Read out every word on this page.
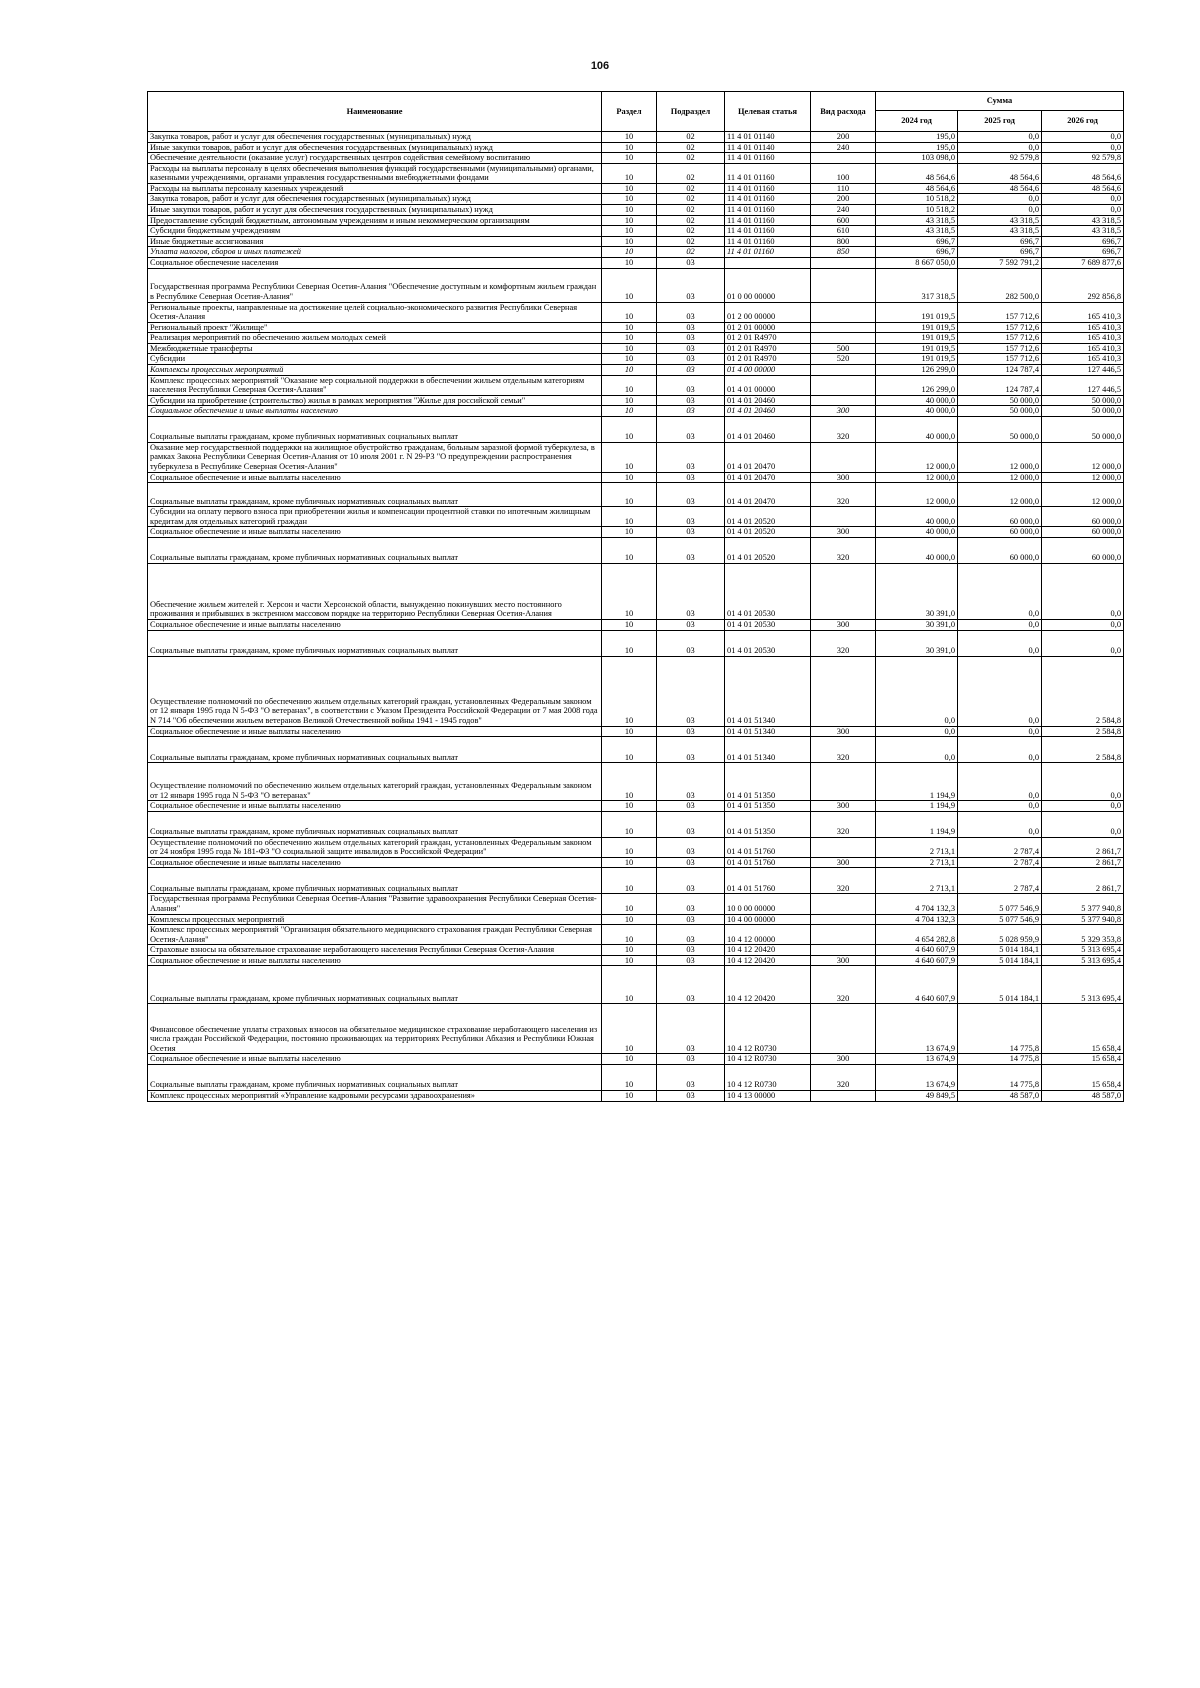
106
Наименование	Раздел	Подраздел	Целевая статья	Вид расхода	Сумма		
					2024 год	2025 год	2026 год
Закупка товаров, работ и услуг для обеспечения государственных (муниципальных) нужд	10	02	11 4 01 01140	200	195,0	0,0	0,0
Иные закупки товаров, работ и услуг для обеспечения государственных (муниципальных) нужд	10	02	11 4 01 01140	240	195,0	0,0	0,0
Обеспечение деятельности (оказание услуг) государственных центров содействия семейному воспитанию	10	02	11 4 01 01160		103 098,0	92 579,8	92 579,8
Расходы на выплаты персоналу в целях обеспечения выполнения функций государственными (муниципальными) органами, казенными учреждениями, органами управления государственными внебюджетными фондами	10	02	11 4 01 01160	100	48 564,6	48 564,6	48 564,6
Расходы на выплаты персоналу казенных учреждений	10	02	11 4 01 01160	110	48 564,6	48 564,6	48 564,6
Закупка товаров, работ и услуг для обеспечения государственных (муниципальных) нужд	10	02	11 4 01 01160	200	10 518,2	0,0	0,0
Иные закупки товаров, работ и услуг для обеспечения государственных (муниципальных) нужд	10	02	11 4 01 01160	240	10 518,2	0,0	0,0
Предоставление субсидий бюджетным, автономным учреждениям и иным некоммерческим организациям	10	02	11 4 01 01160	600	43 318,5	43 318,5	43 318,5
Субсидии бюджетным учреждениям	10	02	11 4 01 01160	610	43 318,5	43 318,5	43 318,5
Иные бюджетные ассигнования	10	02	11 4 01 01160	800	696,7	696,7	696,7
Уплата налогов, сборов и иных платежей	10	02	11 4 01 01160	850	696,7	696,7	696,7
Социальное обеспечение населения	10	03			8 667 050,0	7 592 791,2	7 689 877,6
Государственная программа Республики Северная Осетия-Алания "Обеспечение доступным и комфортным жильем граждан в Республике Северная Осетия-Алания"	10	03	01 0 00 00000		317 318,5	282 500,0	292 856,8
Региональные проекты, направленные на достижение целей социально-экономического развития Республики Северная Осетия-Алания	10	03	01 2 00 00000		191 019,5	157 712,6	165 410,3
Региональный проект "Жилище"	10	03	01 2 01 00000		191 019,5	157 712,6	165 410,3
Реализация мероприятий по обеспечению жильем молодых семей	10	03	01 2 01 R4970		191 019,5	157 712,6	165 410,3
Межбюджетные трансферты	10	03	01 2 01 R4970	500	191 019,5	157 712,6	165 410,3
Субсидии	10	03	01 2 01 R4970	520	191 019,5	157 712,6	165 410,3
Комплексы процессных мероприятий	10	03	01 4 00 00000		126 299,0	124 787,4	127 446,5
Комплекс процессных мероприятий "Оказание мер социальной поддержки в обеспечении жильем отдельным категориям населения Республики Северная Осетия-Алания"	10	03	01 4 01 00000		126 299,0	124 787,4	127 446,5
Субсидии на приобретение (строительство) жилья в рамках мероприятия "Жилье для российской семьи"	10	03	01 4 01 20460		40 000,0	50 000,0	50 000,0
Социальное обеспечение и иные выплаты населению	10	03	01 4 01 20460	300	40 000,0	50 000,0	50 000,0
Социальные выплаты гражданам, кроме публичных нормативных социальных выплат	10	03	01 4 01 20460	320	40 000,0	50 000,0	50 000,0
Оказание мер государственной поддержки на жилищное обустройство гражданам, больным заразной формой туберкулеза, в рамках Закона Республики Северная Осетия-Алания от 10 июля 2001 г. N 29-РЗ "О предупреждении распространения туберкулеза в Республике Северная Осетия-Алания"	10	03	01 4 01 20470		12 000,0	12 000,0	12 000,0
Социальное обеспечение и иные выплаты населению	10	03	01 4 01 20470	300	12 000,0	12 000,0	12 000,0
Социальные выплаты гражданам, кроме публичных нормативных социальных выплат	10	03	01 4 01 20470	320	12 000,0	12 000,0	12 000,0
Субсидии на оплату первого взноса при приобретении жилья и компенсации процентной ставки по ипотечным жилищным кредитам для отдельных категорий граждан	10	03	01 4 01 20520		40 000,0	60 000,0	60 000,0
Социальное обеспечение и иные выплаты населению	10	03	01 4 01 20520	300	40 000,0	60 000,0	60 000,0
Социальные выплаты гражданам, кроме публичных нормативных социальных выплат	10	03	01 4 01 20520	320	40 000,0	60 000,0	60 000,0
Обеспечение жильем жителей г. Херсон и части Херсонской области, вынужденно покинувших место постоянного проживания и прибывших в экстренном массовом порядке на территорию Республики Северная Осетия-Алания	10	03	01 4 01 20530		30 391,0	0,0	0,0
Социальное обеспечение и иные выплаты населению	10	03	01 4 01 20530	300	30 391,0	0,0	0,0
Социальные выплаты гражданам, кроме публичных нормативных социальных выплат	10	03	01 4 01 20530	320	30 391,0	0,0	0,0
Осуществление полномочий по обеспечению жильем отдельных категорий граждан, установленных Федеральным законом от 12 января 1995 года N 5-ФЗ "О ветеранах", в соответствии с Указом Президента Российской Федерации от 7 мая 2008 года N 714 "Об обеспечении жильем ветеранов Великой Отечественной войны 1941 - 1945 годов"	10	03	01 4 01 51340		0,0	0,0	2 584,8
Социальное обеспечение и иные выплаты населению	10	03	01 4 01 51340	300	0,0	0,0	2 584,8
Социальные выплаты гражданам, кроме публичных нормативных социальных выплат	10	03	01 4 01 51340	320	0,0	0,0	2 584,8
Осуществление полномочий по обеспечению жильем отдельных категорий граждан, установленных Федеральным законом от 12 января 1995 года N 5-ФЗ "О ветеранах"	10	03	01 4 01 51350		1 194,9	0,0	0,0
Социальное обеспечение и иные выплаты населению	10	03	01 4 01 51350	300	1 194,9	0,0	0,0
Социальные выплаты гражданам, кроме публичных нормативных социальных выплат	10	03	01 4 01 51350	320	1 194,9	0,0	0,0
Осуществление полномочий по обеспечению жильем отдельных категорий граждан, установленных Федеральным законом от 24 ноября 1995 года № 181-ФЗ "О социальной защите инвалидов в Российской Федерации"	10	03	01 4 01 51760		2 713,1	2 787,4	2 861,7
Социальное обеспечение и иные выплаты населению	10	03	01 4 01 51760	300	2 713,1	2 787,4	2 861,7
Социальные выплаты гражданам, кроме публичных нормативных социальных выплат	10	03	01 4 01 51760	320	2 713,1	2 787,4	2 861,7
Государственная программа Республики Северная Осетия-Алания "Развитие здравоохранения Республики Северная Осетия-Алания"	10	03	10 0 00 00000		4 704 132,3	5 077 546,9	5 377 940,8
Комплексы процессных мероприятий	10	03	10 4 00 00000		4 704 132,3	5 077 546,9	5 377 940,8
Комплекс процессных мероприятий "Организация обязательного медицинского страхования граждан Республики Северная Осетия-Алания"	10	03	10 4 12 00000		4 654 282,8	5 028 959,9	5 329 353,8
Страховые взносы на обязательное страхование неработающего населения Республики Северная Осетия-Алания	10	03	10 4 12 20420		4 640 607,9	5 014 184,1	5 313 695,4
Социальное обеспечение и иные выплаты населению	10	03	10 4 12 20420	300	4 640 607,9	5 014 184,1	5 313 695,4
Социальные выплаты гражданам, кроме публичных нормативных социальных выплат	10	03	10 4 12 20420	320	4 640 607,9	5 014 184,1	5 313 695,4
Финансовое обеспечение уплаты страховых взносов на обязательное медицинское страхование неработающего населения из числа граждан Российской Федерации, постоянно проживающих на территориях Республики Абхазия и Республики Южная Осетия	10	03	10 4 12 R0730		13 674,9	14 775,8	15 658,4
Социальное обеспечение и иные выплаты населению	10	03	10 4 12 R0730	300	13 674,9	14 775,8	15 658,4
Социальные выплаты гражданам, кроме публичных нормативных социальных выплат	10	03	10 4 12 R0730	320	13 674,9	14 775,8	15 658,4
Комплекс процессных мероприятий «Управление кадровыми ресурсами здравоохранения»	10	03	10 4 13 00000		49 849,5	48 587,0	48 587,0
